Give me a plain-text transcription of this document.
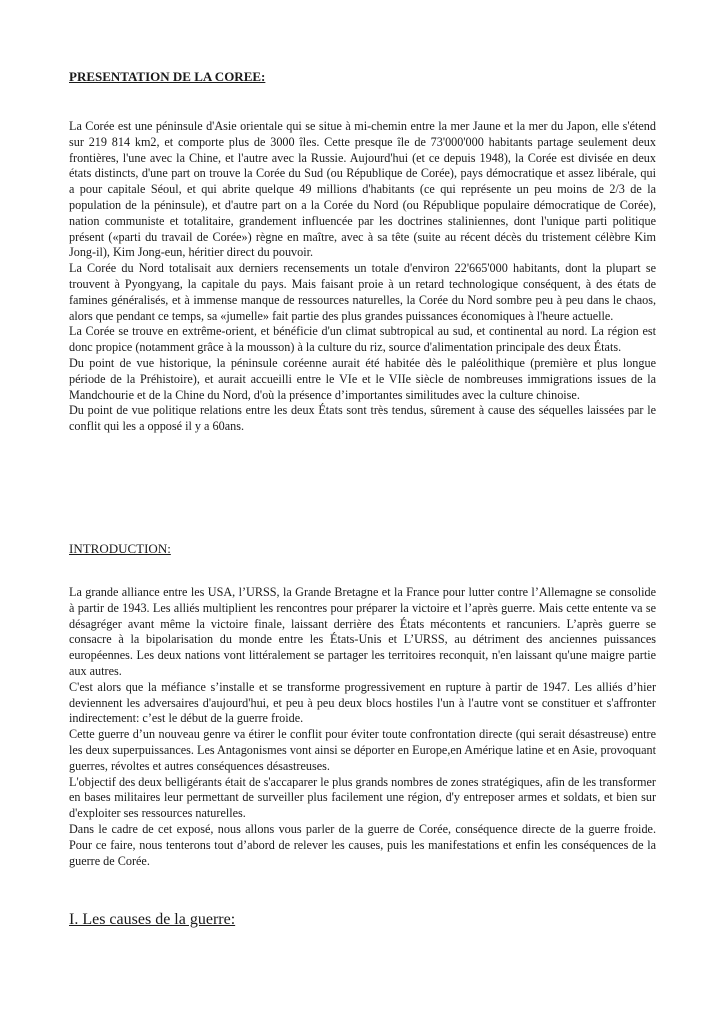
PRESENTATION DE LA COREE:

La Corée est une péninsule d'Asie orientale qui se situe à mi-chemin entre la mer Jaune et la mer du Japon, elle s'étend sur 219 814 km2, et comporte plus de 3000 îles. Cette presque île de 73'000'000 habitants partage seulement deux frontières, l'une avec la Chine, et l'autre avec la Russie. Aujourd'hui (et ce depuis 1948), la Corée est divisée en deux états distincts, d'une part on trouve la Corée du Sud (ou République de Corée), pays démocratique et assez libérale, qui a pour capitale Séoul, et qui abrite quelque 49 millions d'habitants (ce qui représente un peu moins de 2/3 de la population de la péninsule), et d'autre part on a la Corée du Nord (ou République populaire démocratique de Corée), nation communiste et totalitaire, grandement influencée par les doctrines staliniennes, dont l'unique parti politique présent («parti du travail de Corée») règne en maître, avec à sa tête (suite au récent décès du tristement célèbre Kim Jong-il), Kim Jong-eun, héritier direct du pouvoir.

La Corée du Nord totalisait aux derniers recensements un totale d'environ 22'665'000 habitants, dont la plupart se trouvent à Pyongyang, la capitale du pays. Mais faisant proie à un retard technologique conséquent, à des états de famines généralisés, et à immense manque de ressources naturelles, la Corée du Nord sombre peu à peu dans le chaos, alors que pendant ce temps, sa «jumelle» fait partie des plus grandes puissances économiques à l'heure actuelle.

La Corée se trouve en extrême-orient, et bénéficie d'un climat subtropical au sud, et continental au nord. La région est donc propice (notamment grâce à la mousson) à la culture du riz, source d'alimentation principale des deux États.

Du point de vue historique, la péninsule coréenne aurait été habitée dès le paléolithique (première et plus longue période de la Préhistoire), et aurait accueilli entre le VIe et le VIIe siècle de nombreuses immigrations issues de la Mandchourie et de la Chine du Nord, d'où la présence d’importantes similitudes avec la culture chinoise.

Du point de vue politique relations entre les deux États sont très tendus, sûrement à cause des séquelles laissées par le conflit qui les a opposé il y a 60ans.

INTRODUCTION:

La grande alliance entre les USA, l’URSS, la Grande Bretagne et la France pour lutter contre l’Allemagne se consolide à partir de 1943. Les alliés multiplient les rencontres pour préparer la victoire et l’après guerre. Mais cette entente va se désagréger avant même la victoire finale, laissant derrière des États mécontents et rancuniers. L’après guerre se consacre à la bipolarisation du monde entre les États-Unis et L’URSS, au détriment des anciennes puissances européennes. Les deux nations vont littéralement se partager les territoires reconquit, n'en laissant qu'une maigre partie aux autres.

C'est alors que la méfiance s’installe et se transforme progressivement en rupture à partir de 1947. Les alliés d’hier deviennent les adversaires d'aujourd'hui, et peu à peu deux blocs hostiles l'un à l'autre vont se constituer et s'affronter indirectement: c’est le début de la guerre froide.

Cette guerre d’un nouveau genre va étirer le conflit pour éviter toute confrontation directe (qui serait désastreuse) entre les deux superpuissances. Les Antagonismes vont ainsi se déporter en Europe,en Amérique latine et en Asie, provoquant guerres, révoltes et autres conséquences désastreuses.

L'objectif des deux belligérants était de s'accaparer le plus grands nombres de zones stratégiques, afin de les transformer en bases militaires leur permettant de surveiller plus facilement une région, d'y entreposer armes et soldats, et bien sur d'exploiter ses ressources naturelles.

Dans le cadre de cet exposé, nous allons vous parler de la guerre de Corée, conséquence directe de la guerre froide. Pour ce faire, nous tenterons tout d’abord de relever les causes, puis les manifestations et enfin les conséquences de la guerre de Corée.

I. Les causes de la guerre:
